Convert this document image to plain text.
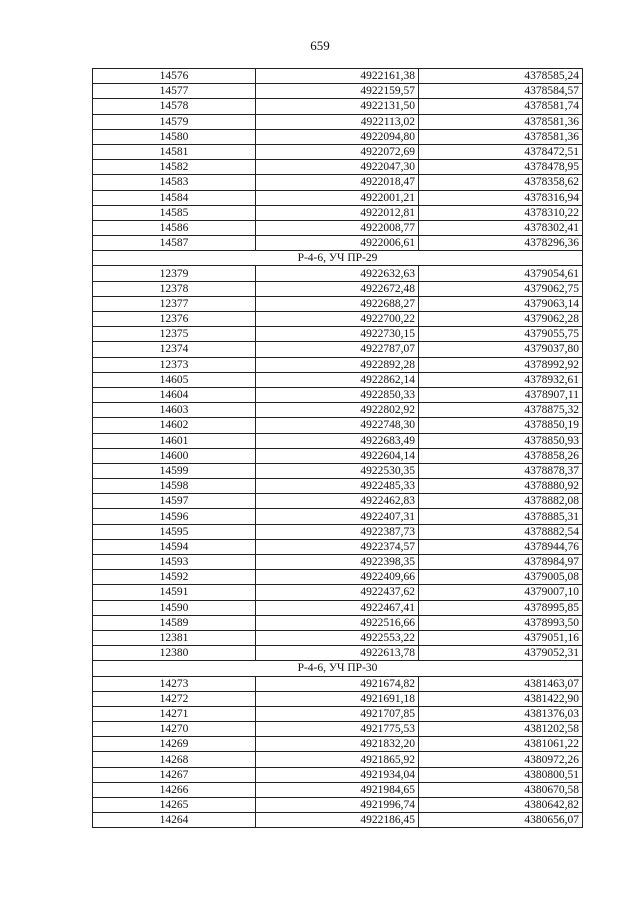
659
14576	4922161,38	4378585,24
14577	4922159,57	4378584,57
14578	4922131,50	4378581,74
14579	4922113,02	4378581,36
14580	4922094,80	4378581,36
14581	4922072,69	4378472,51
14582	4922047,30	4378478,95
14583	4922018,47	4378358,62
14584	4922001,21	4378316,94
14585	4922012,81	4378310,22
14586	4922008,77	4378302,41
14587	4922006,61	4378296,36
Р-4-6, УЧ ПР-29		
12379	4922632,63	4379054,61
12378	4922672,48	4379062,75
12377	4922688,27	4379063,14
12376	4922700,22	4379062,28
12375	4922730,15	4379055,75
12374	4922787,07	4379037,80
12373	4922892,28	4378992,92
14605	4922862,14	4378932,61
14604	4922850,33	4378907,11
14603	4922802,92	4378875,32
14602	4922748,30	4378850,19
14601	4922683,49	4378850,93
14600	4922604,14	4378858,26
14599	4922530,35	4378878,37
14598	4922485,33	4378880,92
14597	4922462,83	4378882,08
14596	4922407,31	4378885,31
14595	4922387,73	4378882,54
14594	4922374,57	4378944,76
14593	4922398,35	4378984,97
14592	4922409,66	4379005,08
14591	4922437,62	4379007,10
14590	4922467,41	4378995,85
14589	4922516,66	4378993,50
12381	4922553,22	4379051,16
12380	4922613,78	4379052,31
Р-4-6, УЧ ПР-30		
14273	4921674,82	4381463,07
14272	4921691,18	4381422,90
14271	4921707,85	4381376,03
14270	4921775,53	4381202,58
14269	4921832,20	4381061,22
14268	4921865,92	4380972,26
14267	4921934,04	4380800,51
14266	4921984,65	4380670,58
14265	4921996,74	4380642,82
14264	4922186,45	4380656,07
